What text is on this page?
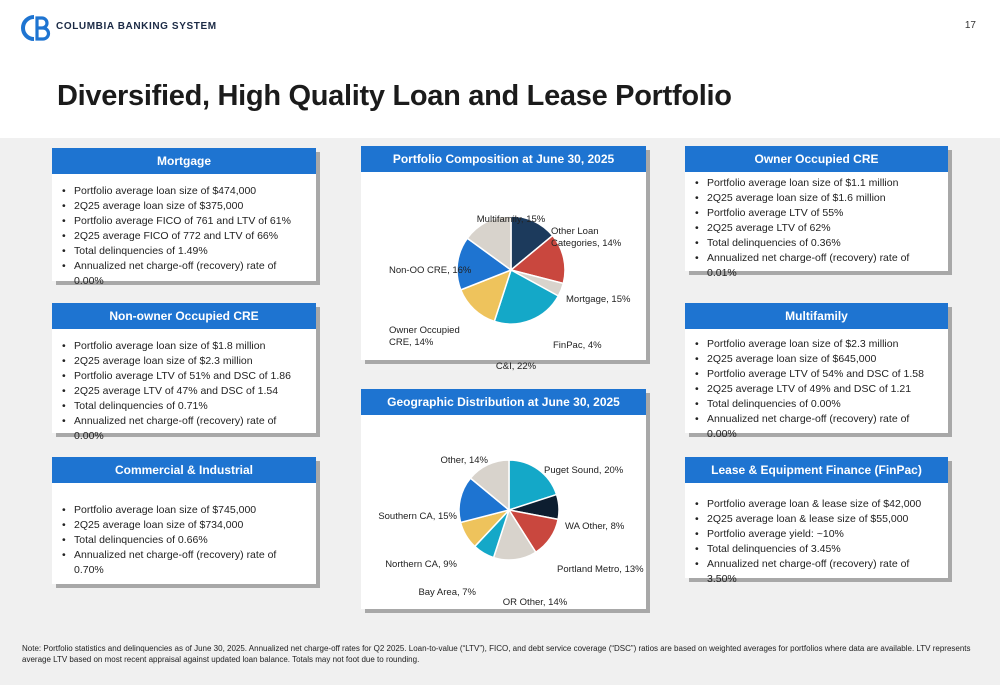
COLUMBIA BANKING SYSTEM	17
Diversified, High Quality Loan and Lease Portfolio
Mortgage
• Portfolio average loan size of $474,000
• 2Q25 average loan size of $375,000
• Portfolio average FICO of 761 and LTV of 61%
• 2Q25 average FICO of 772 and LTV of 66%
• Total delinquencies of 1.49%
• Annualized net charge-off (recovery) rate of 0.00%
Non-owner Occupied CRE
• Portfolio average loan size of $1.8 million
• 2Q25 average loan size of $2.3 million
• Portfolio average LTV of 51% and DSC of 1.86
• 2Q25 average LTV of 47% and DSC of 1.54
• Total delinquencies of 0.71%
• Annualized net charge-off (recovery) rate of 0.00%
Commercial & Industrial
• Portfolio average loan size of $745,000
• 2Q25 average loan size of $734,000
• Total delinquencies of 0.66%
• Annualized net charge-off (recovery) rate of 0.70%
Portfolio Composition at June 30, 2025
Other Loan Categories, 14%
Mortgage, 15%
FinPac, 4%
C&I, 22%
Owner Occupied CRE, 14%
Non-OO CRE, 16%
Multifamily, 15%
Geographic Distribution at June 30, 2025
Puget Sound, 20%
WA Other, 8%
Portland Metro, 13%
OR Other, 14%
Bay Area, 7%
Northern CA, 9%
Southern CA, 15%
Other, 14%
Owner Occupied CRE
• Portfolio average loan size of $1.1 million
• 2Q25 average loan size of $1.6 million
• Portfolio average LTV of 55%
• 2Q25 average LTV of 62%
• Total delinquencies of 0.36%
• Annualized net charge-off (recovery) rate of 0.01%
Multifamily
• Portfolio average loan size of $2.3 million
• 2Q25 average loan size of $645,000
• Portfolio average LTV of 54% and DSC of 1.58
• 2Q25 average LTV of 49% and DSC of 1.21
• Total delinquencies of 0.00%
• Annualized net charge-off (recovery) rate of 0.00%
Lease & Equipment Finance (FinPac)
• Portfolio average loan & lease size of $42,000
• 2Q25 average loan & lease size of $55,000
• Portfolio average yield: ~10%
• Total delinquencies of 3.45%
• Annualized net charge-off (recovery) rate of 3.50%
Note: Portfolio statistics and delinquencies as of June 30, 2025. Annualized net charge-off rates for Q2 2025. Loan-to-value (“LTV”), FICO, and debt service coverage (“DSC”) ratios are based on weighted averages for portfolios where data are available. LTV represents average LTV based on most recent appraisal against updated loan balance. Totals may not foot due to rounding.
